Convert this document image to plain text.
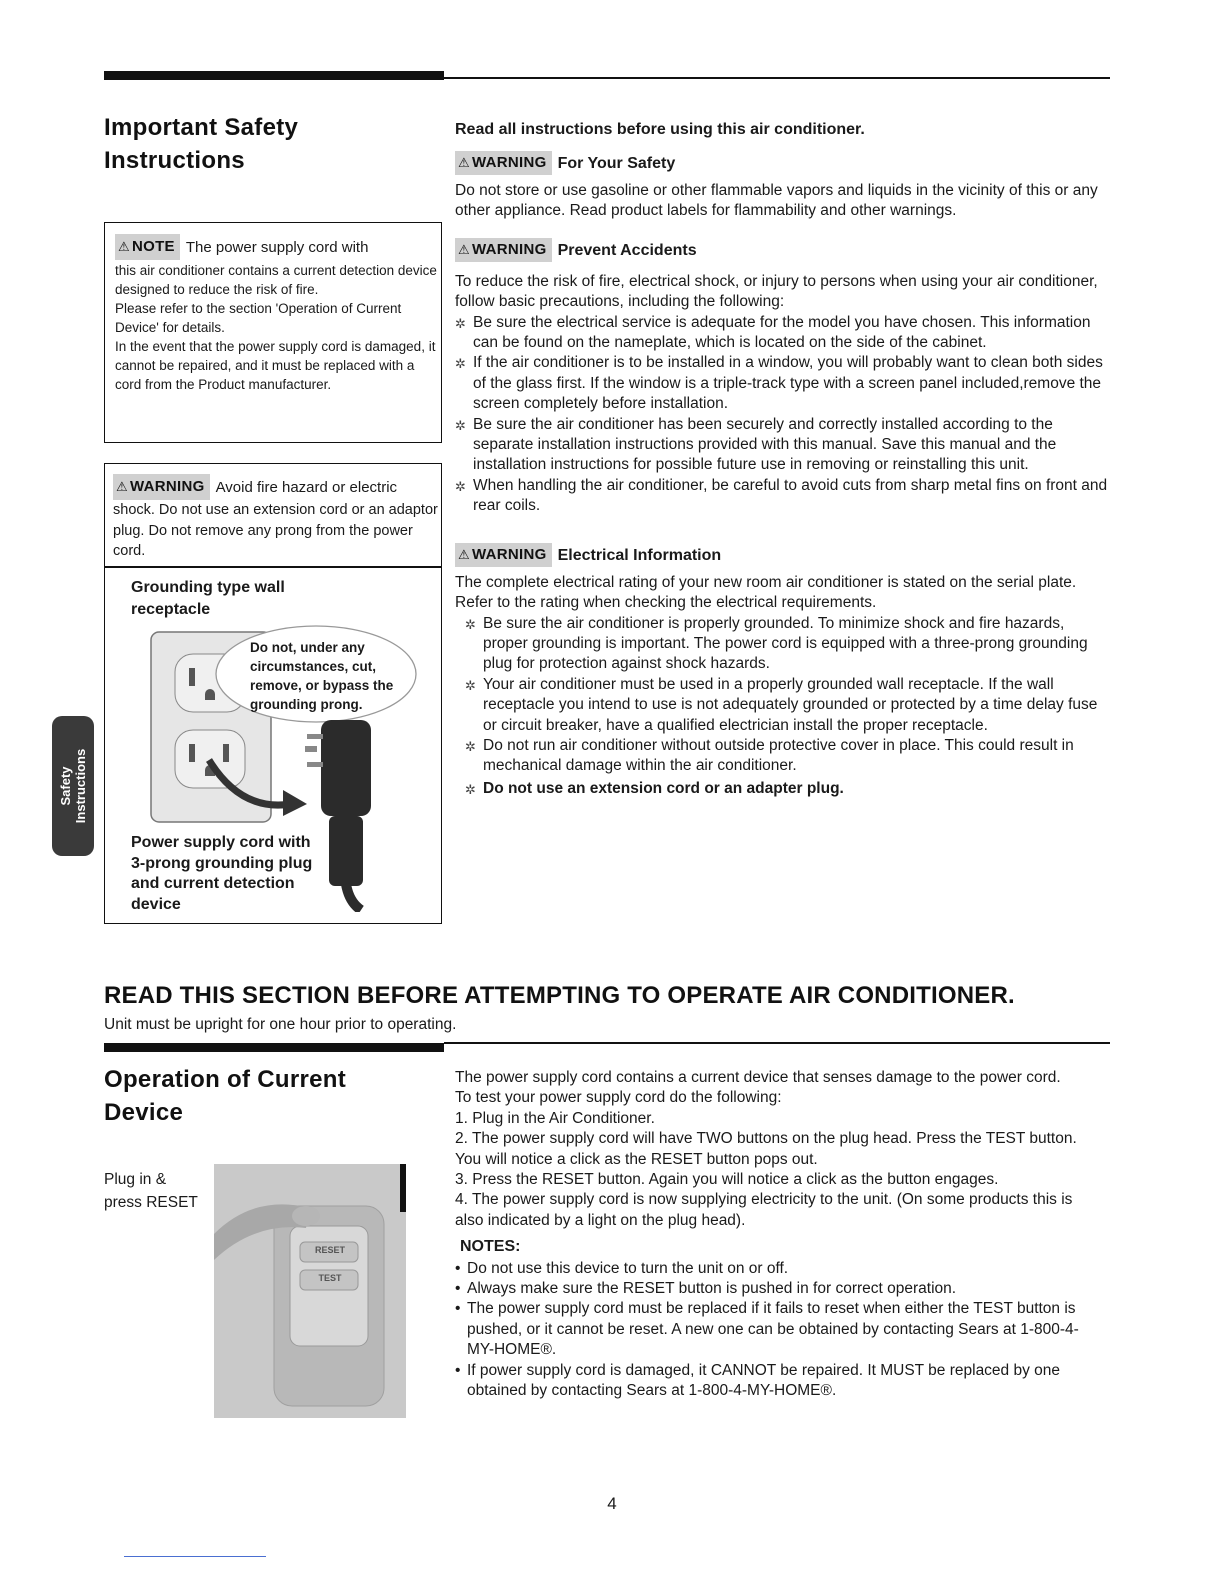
Important Safety
Instructions
⚠ NOTE The power supply cord with
this air conditioner contains a current detection device designed to reduce the risk of fire.
Please refer to the section 'Operation of Current Device' for details.
In the event that the power supply cord is damaged, it cannot be repaired, and it must be replaced with a cord from the Product manufacturer.
⚠ WARNING Avoid fire hazard or electric
shock. Do not use an extension cord or an adaptor plug. Do not remove any prong from the power cord.
Grounding type wall receptacle
Do not, under any circumstances, cut, remove, or bypass the grounding prong.
Power supply cord with 3-prong grounding plug and current detection device
Safety Instructions
Read all instructions before using this air conditioner.
⚠ WARNING For Your Safety
Do not store or use gasoline or other flammable vapors and liquids in the vicinity of this or any other appliance. Read product labels for flammability and other warnings.
⚠ WARNING Prevent Accidents
To reduce the risk of fire, electrical shock, or injury to persons when using your air conditioner, follow basic precautions, including the following:
✲ Be sure the electrical service is adequate for the model you have chosen. This information can be found on the nameplate, which is located on the side of the cabinet.
✲ If the air conditioner is to be installed in a window, you will probably want to clean both sides of the glass first. If the window is a triple-track type with a screen panel included,remove the screen completely before installation.
✲ Be sure the air conditioner has been securely and correctly installed according to the separate installation instructions provided with this manual. Save this manual and the installation instructions for possible future use in removing or reinstalling this unit.
✲ When handling the air conditioner, be careful to avoid cuts from sharp metal fins on front and rear coils.
⚠ WARNING Electrical Information
The complete electrical rating of your new room air conditioner is stated on the serial plate. Refer to the rating when checking the electrical requirements.
✲ Be sure the air conditioner is properly grounded. To minimize shock and fire hazards, proper grounding is important. The power cord is equipped with a three-prong grounding plug for protection against shock hazards.
✲ Your air conditioner must be used in a properly grounded wall receptacle. If the wall receptacle you intend to use is not adequately grounded or protected by a time delay fuse or circuit breaker, have a qualified electrician install the proper receptacle.
✲ Do not run air conditioner without outside protective cover in place. This could result in mechanical damage within the air conditioner.
✲ Do not use an extension cord or an adapter plug.
READ THIS SECTION BEFORE ATTEMPTING TO OPERATE AIR CONDITIONER.
Unit must be upright for one hour prior to operating.
Operation of Current
Device
Plug in &
press RESET
RESET
TEST
The power supply cord contains a current device that senses damage to the power cord.
To test your power supply cord do the following:
1. Plug in the Air Conditioner.
2. The power supply cord will have TWO buttons on the plug head. Press the TEST button. You will notice a click as the RESET button pops out.
3. Press the RESET button. Again you will notice a click as the button engages.
4. The power supply cord is now supplying electricity to the unit. (On some products this is also indicated by a light on the plug head).
NOTES:
• Do not use this device to turn the unit on or off.
• Always make sure the RESET button is pushed in for correct operation.
• The power supply cord must be replaced if it fails to reset when either the TEST button is pushed, or it cannot be reset. A new one can be obtained by contacting Sears at 1-800-4-MY-HOME®.
• If power supply cord is damaged, it CANNOT be repaired. It MUST be replaced by one obtained by contacting Sears at 1-800-4-MY-HOME®.
4
